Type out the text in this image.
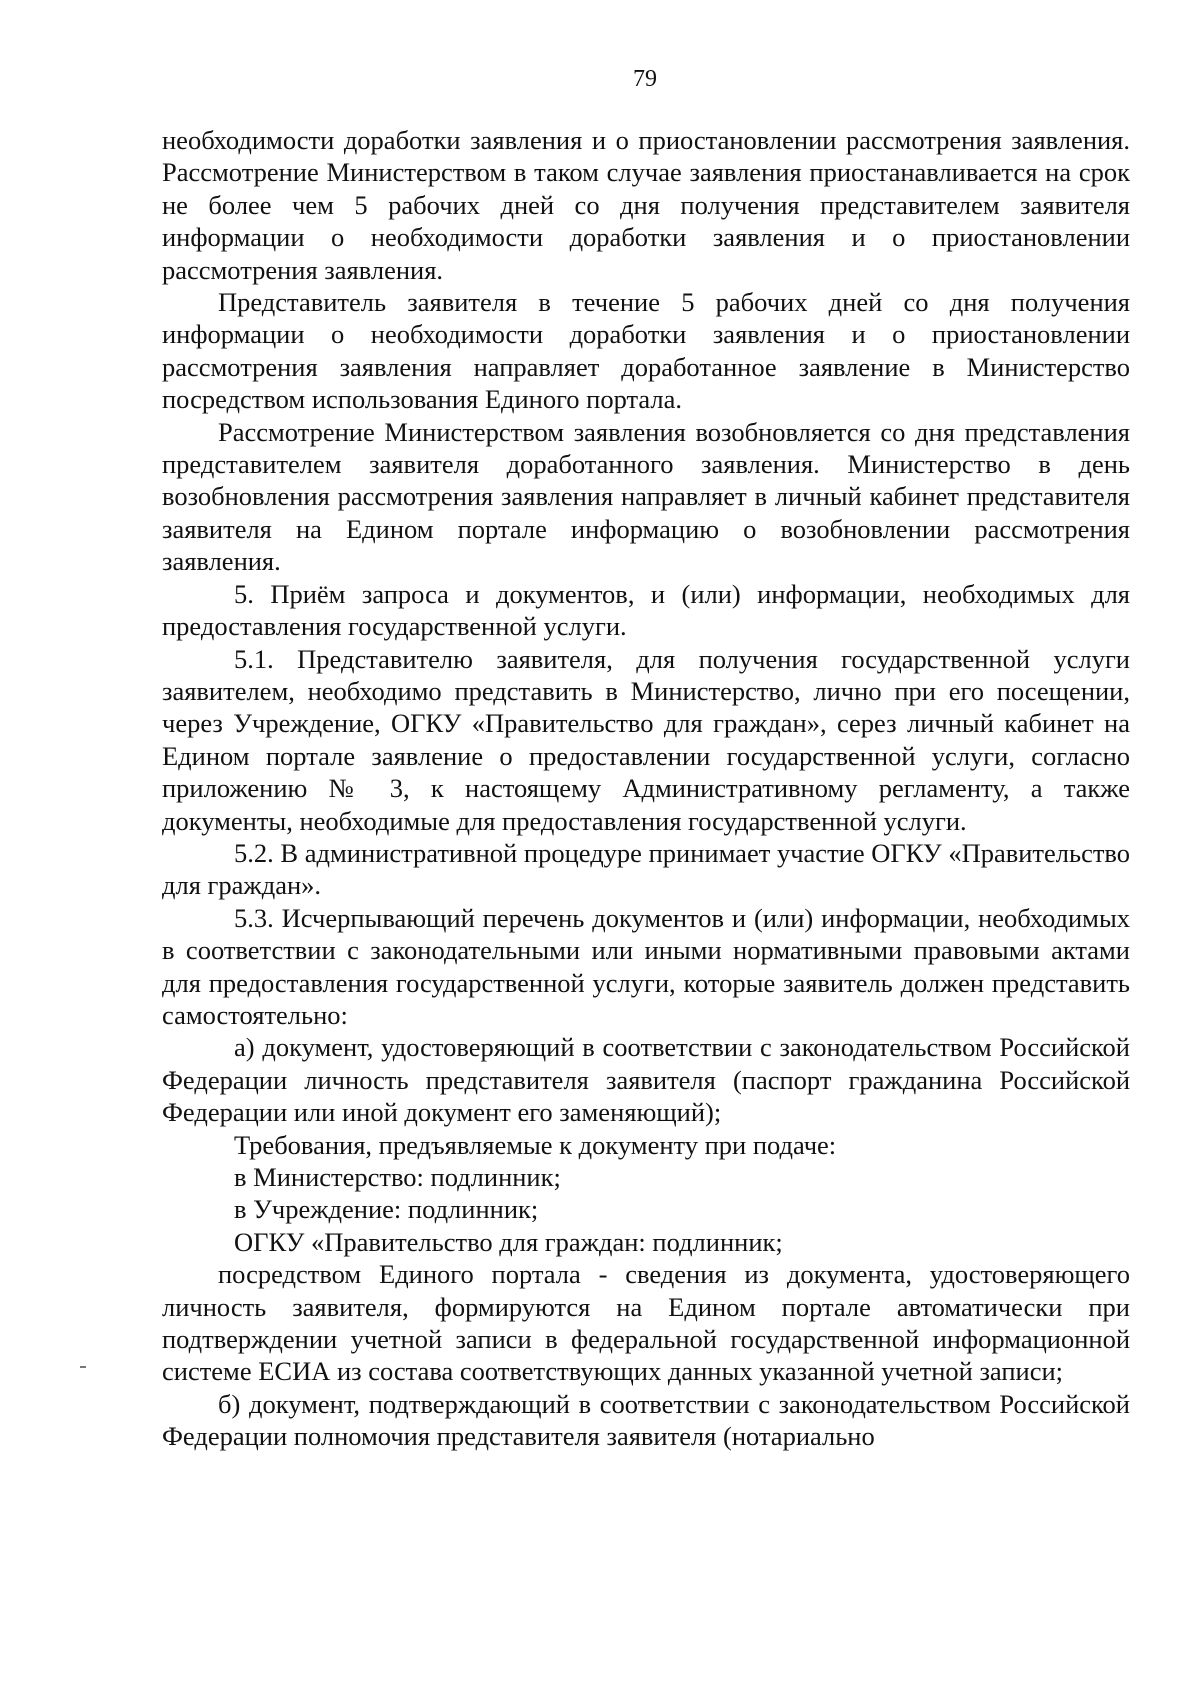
79

необходимости доработки заявления и о приостановлении рассмотрения заявления. Рассмотрение Министерством в таком случае заявления приостанавливается на срок не более чем 5 рабочих дней со дня получения представителем заявителя информации о необходимости доработки заявления и о приостановлении рассмотрения заявления.

Представитель заявителя в течение 5 рабочих дней со дня получения информации о необходимости доработки заявления и о приостановлении рассмотрения заявления направляет доработанное заявление в Министерство посредством использования Единого портала.

Рассмотрение Министерством заявления возобновляется со дня представления представителем заявителя доработанного заявления. Министерство в день возобновления рассмотрения заявления направляет в личный кабинет представителя заявителя на Едином портале информацию о возобновлении рассмотрения заявления.

5. Приём запроса и документов, и (или) информации, необходимых для предоставления государственной услуги.

5.1. Представителю заявителя, для получения государственной услуги заявителем, необходимо представить в Министерство, лично при его посещении, через Учреждение, ОГКУ «Правительство для граждан», серез личный кабинет на Едином портале заявление о предоставлении государственной услуги, согласно приложению № 3, к настоящему Административному регламенту, а также документы, необходимые для предоставления государственной услуги.

5.2. В административной процедуре принимает участие ОГКУ «Правительство для граждан».

5.3. Исчерпывающий перечень документов и (или) информации, необходимых в соответствии с законодательными или иными нормативными правовыми актами для предоставления государственной услуги, которые заявитель должен представить самостоятельно:

а) документ, удостоверяющий в соответствии с законодательством Российской Федерации личность представителя заявителя (паспорт гражданина Российской Федерации или иной документ его заменяющий);

Требования, предъявляемые к документу при подаче:

в Министерство: подлинник;

в Учреждение: подлинник;

ОГКУ «Правительство для граждан: подлинник;

посредством Единого портала - сведения из документа, удостоверяющего личность заявителя, формируются на Едином портале автоматически при подтверждении учетной записи в федеральной государственной информационной системе ЕСИА из состава соответствующих данных указанной учетной записи;

б) документ, подтверждающий в соответствии с законодательством Российской Федерации полномочия представителя заявителя (нотариально
